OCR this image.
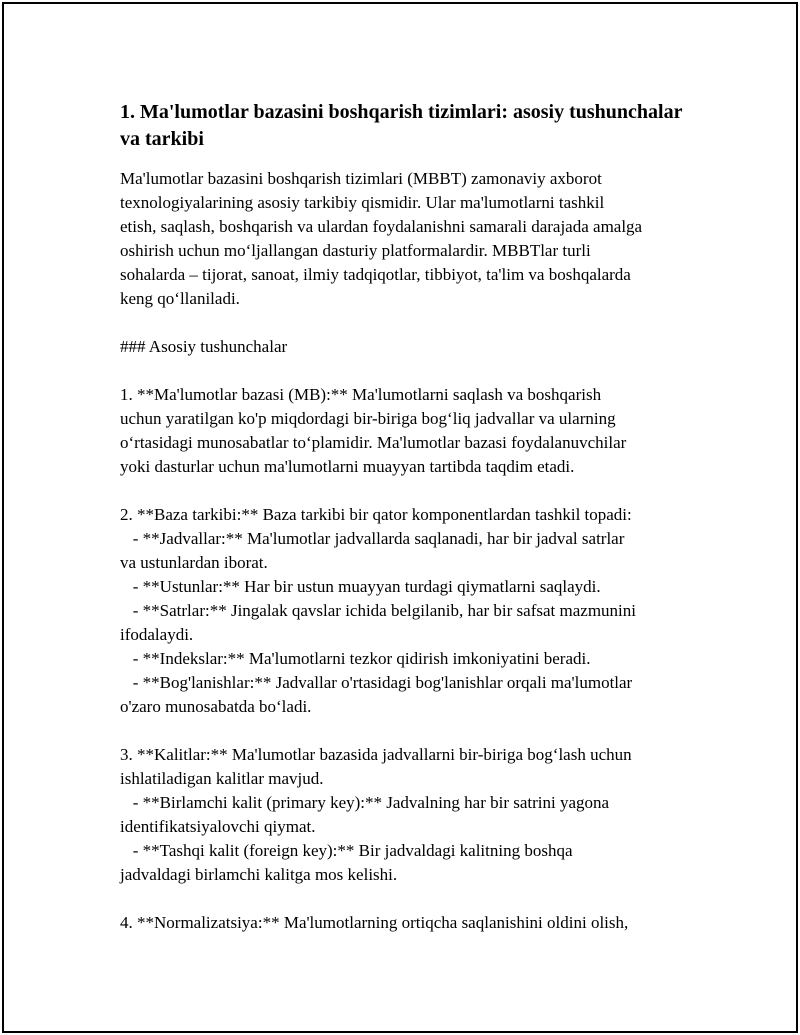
1. Ma'lumotlar bazasini boshqarish tizimlari: asosiy tushunchalar va tarkibi
Ma'lumotlar bazasini boshqarish tizimlari (MBBT) zamonaviy axborot
texnologiyalarining asosiy tarkibiy qismidir. Ular ma'lumotlarni tashkil
etish, saqlash, boshqarish va ulardan foydalanishni samarali darajada amalga
oshirish uchun mo‘ljallangan dasturiy platformalardir. MBBTlar turli
sohalarda – tijorat, sanoat, ilmiy tadqiqotlar, tibbiyot, ta'lim va boshqalarda
keng qo‘llaniladi.

### Asosiy tushunchalar

1. **Ma'lumotlar bazasi (MB):** Ma'lumotlarni saqlash va boshqarish
uchun yaratilgan ko'p miqdordagi bir-biriga bog‘liq jadvallar va ularning
o‘rtasidagi munosabatlar to‘plamidir. Ma'lumotlar bazasi foydalanuvchilar
yoki dasturlar uchun ma'lumotlarni muayyan tartibda taqdim etadi.

2. **Baza tarkibi:** Baza tarkibi bir qator komponentlardan tashkil topadi:
- **Jadvallar:** Ma'lumotlar jadvallarda saqlanadi, har bir jadval satrlar
va ustunlardan iborat.
- **Ustunlar:** Har bir ustun muayyan turdagi qiymatlarni saqlaydi.
- **Satrlar:** Jingalak qavslar ichida belgilanib, har bir safsat mazmunini
ifodalaydi.
- **Indekslar:** Ma'lumotlarni tezkor qidirish imkoniyatini beradi.
- **Bog'lanishlar:** Jadvallar o'rtasidagi bog'lanishlar orqali ma'lumotlar
o'zaro munosabatda bo‘ladi.

3. **Kalitlar:** Ma'lumotlar bazasida jadvallarni bir-biriga bog‘lash uchun
ishlatiladigan kalitlar mavjud.
- **Birlamchi kalit (primary key):** Jadvalning har bir satrini yagona
identifikatsiyalovchi qiymat.
- **Tashqi kalit (foreign key):** Bir jadvaldagi kalitning boshqa
jadvaldagi birlamchi kalitga mos kelishi.

4. **Normalizatsiya:** Ma'lumotlarning ortiqcha saqlanishini oldini olish,
